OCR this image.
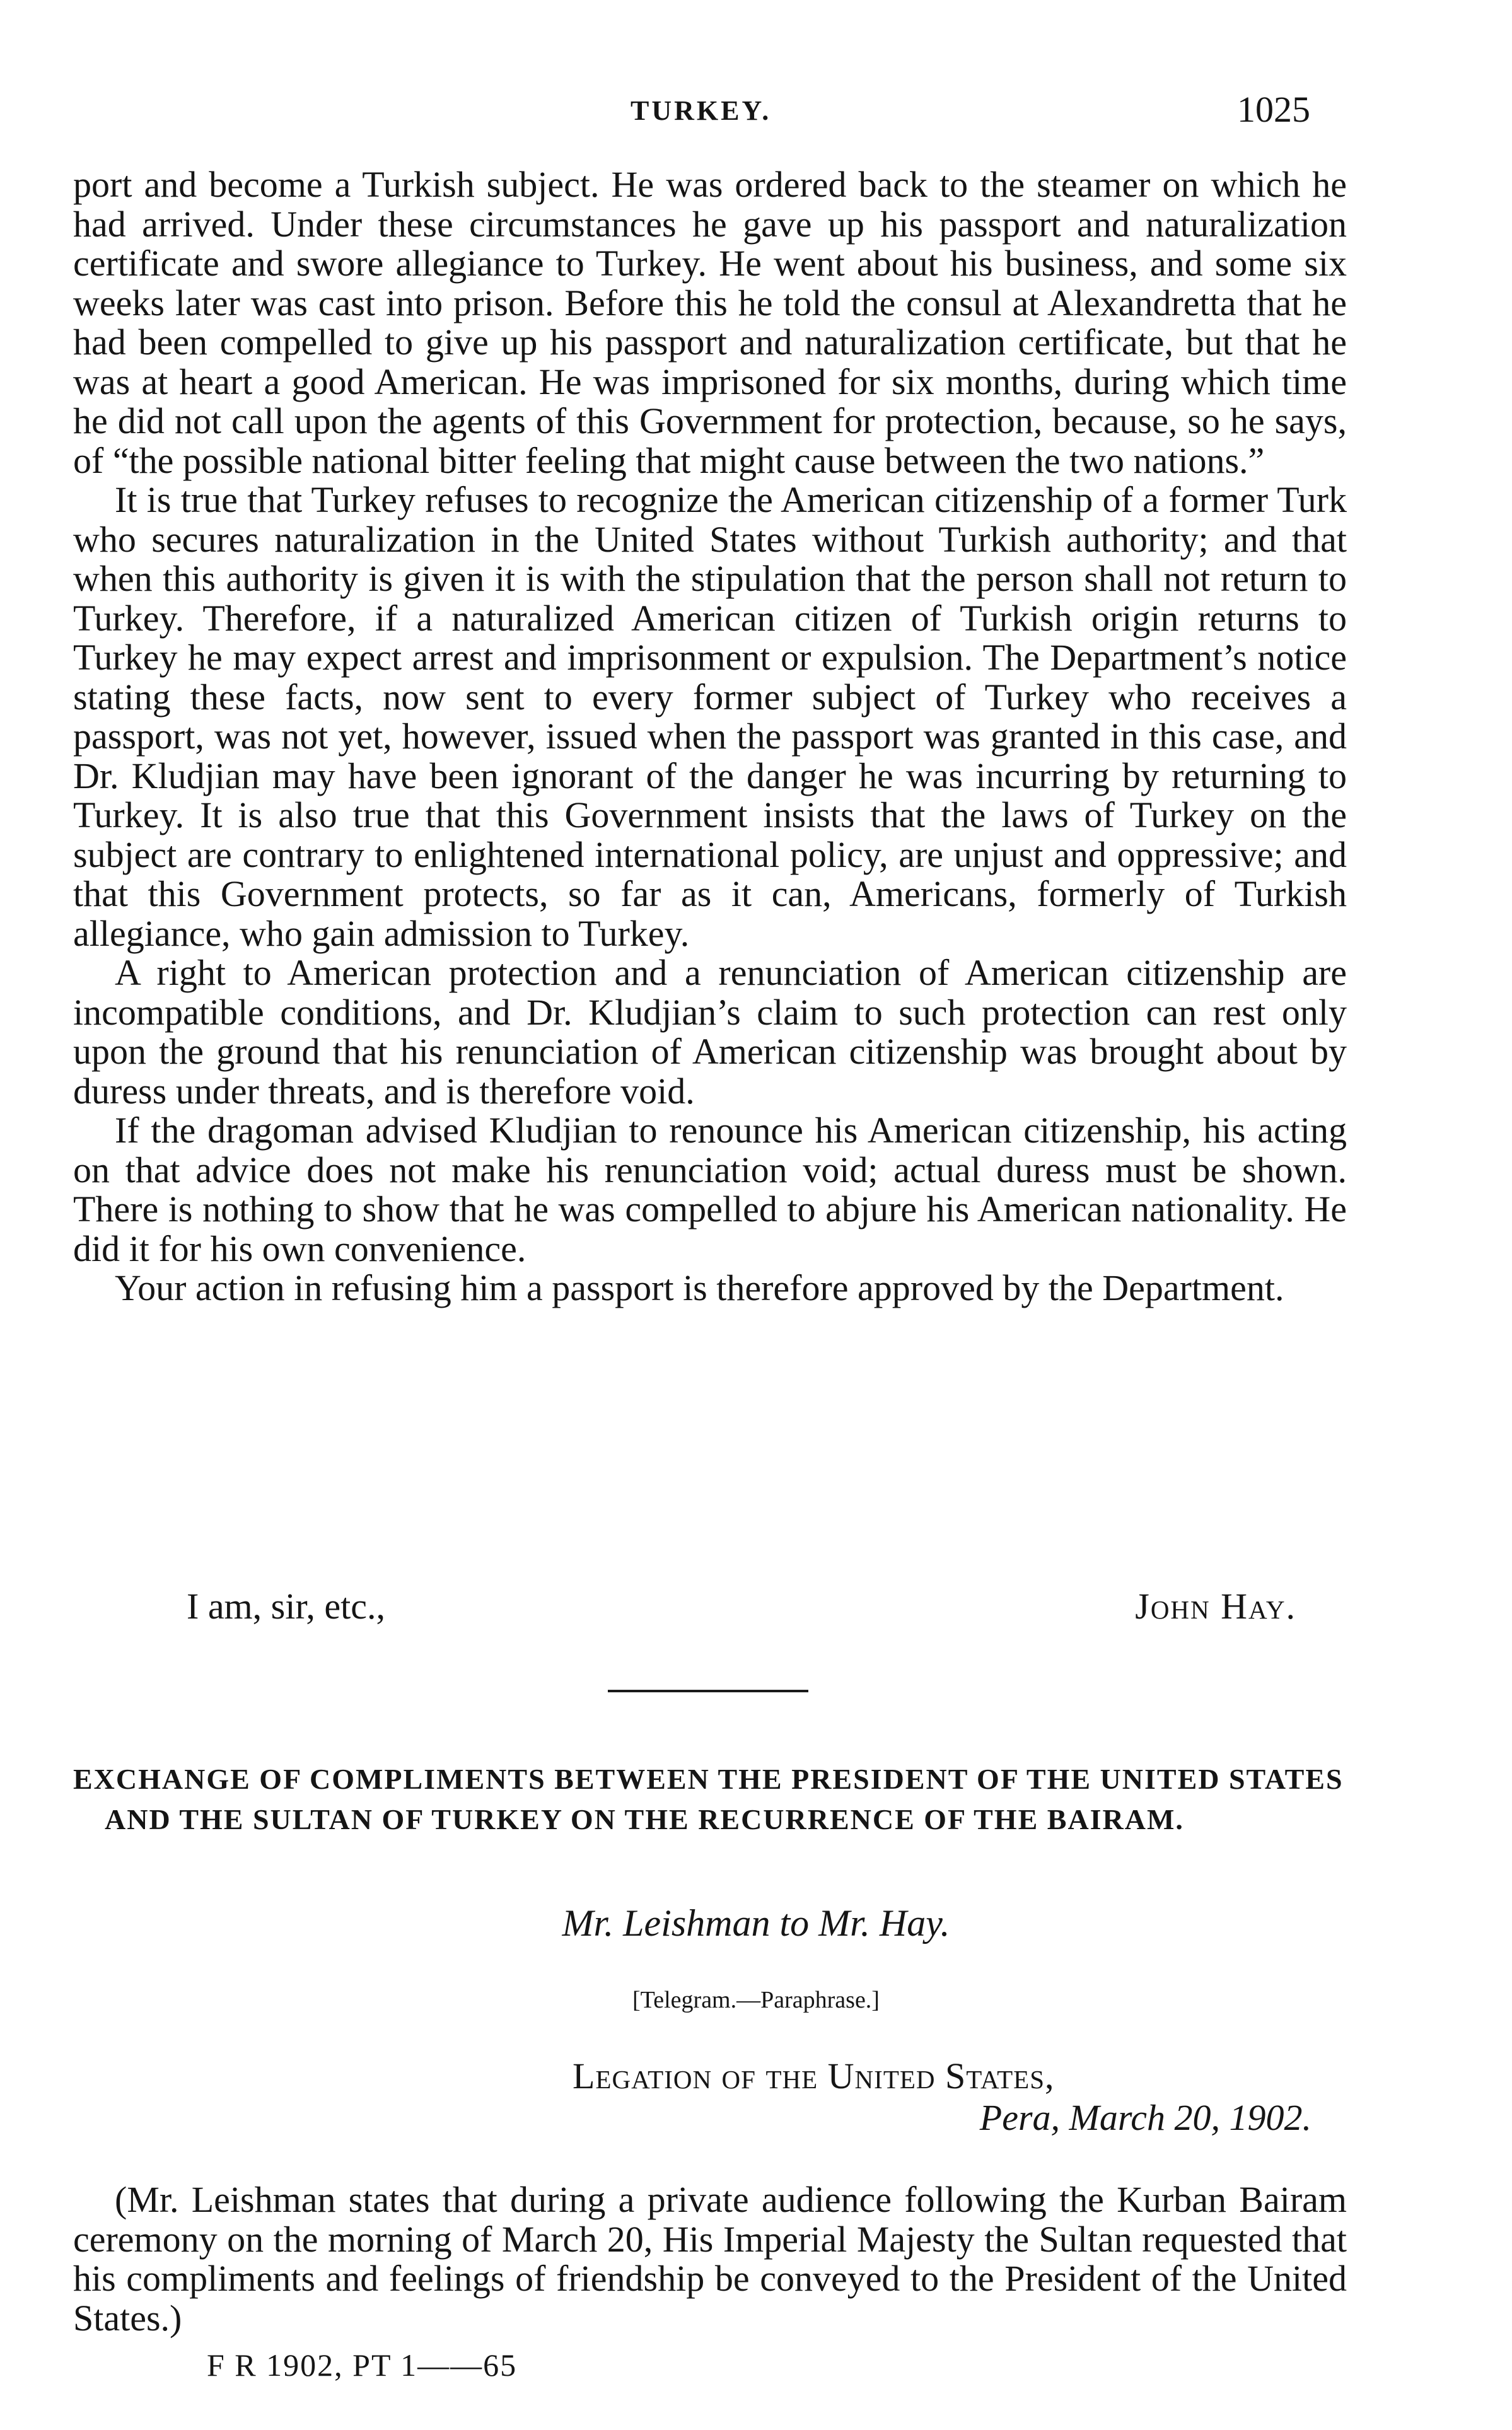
TURKEY.	1025

port and become a Turkish subject. He was ordered back to the steamer on which he had arrived. Under these circumstances he gave up his passport and naturalization certificate and swore allegiance to Turkey. He went about his business, and some six weeks later was cast into prison. Before this he told the consul at Alexandretta that he had been compelled to give up his passport and naturalization certificate, but that he was at heart a good American. He was imprisoned for six months, during which time he did not call upon the agents of this Government for protection, because, so he says, of “the possible national bitter feeling that might cause between the two nations.”

It is true that Turkey refuses to recognize the American citizenship of a former Turk who secures naturalization in the United States without Turkish authority; and that when this authority is given it is with the stipulation that the person shall not return to Turkey. Therefore, if a naturalized American citizen of Turkish origin returns to Turkey he may expect arrest and imprisonment or expulsion. The Department’s notice stating these facts, now sent to every former subject of Turkey who receives a passport, was not yet, however, issued when the passport was granted in this case, and Dr. Kludjian may have been ignorant of the danger he was incurring by returning to Turkey. It is also true that this Government insists that the laws of Turkey on the subject are contrary to enlightened international policy, are unjust and oppressive; and that this Government protects, so far as it can, Americans, formerly of Turkish allegiance, who gain admission to Turkey.

A right to American protection and a renunciation of American citizenship are incompatible conditions, and Dr. Kludjian’s claim to such protection can rest only upon the ground that his renunciation of American citizenship was brought about by duress under threats, and is therefore void.

If the dragoman advised Kludjian to renounce his American citizenship, his acting on that advice does not make his renunciation void; actual duress must be shown. There is nothing to show that he was compelled to abjure his American nationality. He did it for his own convenience.

Your action in refusing him a passport is therefore approved by the Department.

I am, sir, etc.,	John Hay.
EXCHANGE OF COMPLIMENTS BETWEEN THE PRESIDENT OF THE UNITED STATES AND THE SULTAN OF TURKEY ON THE RECURRENCE OF THE BAIRAM.
Mr. Leishman to Mr. Hay.
[Telegram.—Paraphrase.]
Legation of the United States,
Pera, March 20, 1902.

(Mr. Leishman states that during a private audience following the Kurban Bairam ceremony on the morning of March 20, His Imperial Majesty the Sultan requested that his compliments and feelings of friendship be conveyed to the President of the United States.)

F R 1902, PT 1——65
